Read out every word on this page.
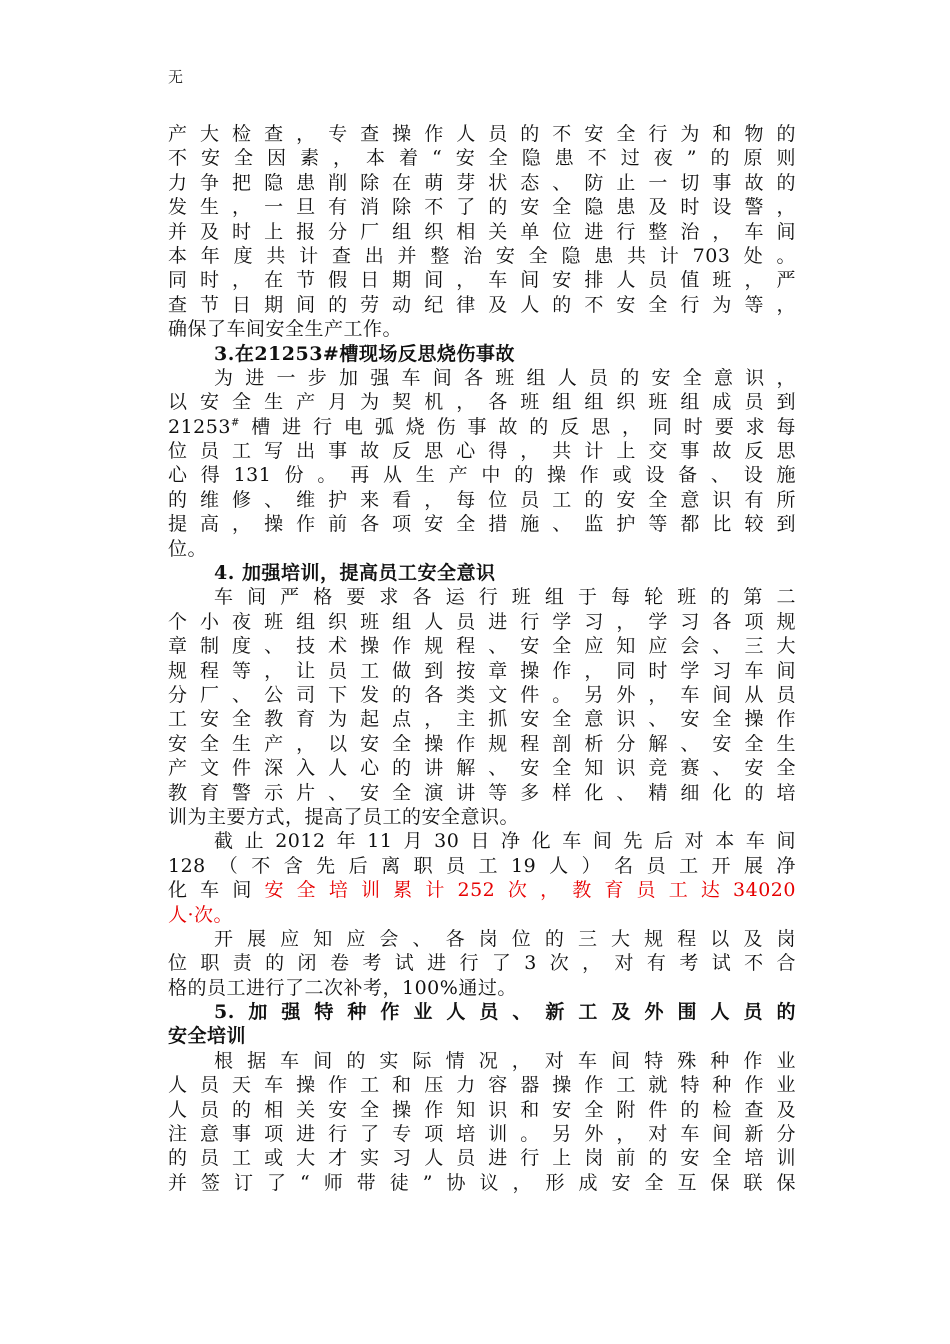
无
产大检查，专查操作人员的不安全行为和物的
不安全因素，本着“安全隐患不过夜”的原则
力争把隐患削除在萌芽状态、防止一切事故的
发生，一旦有消除不了的安全隐患及时设警，
并及时上报分厂组织相关单位进行整治，车间
本年度共计查出并整治安全隐患共计703处。
同时，在节假日期间，车间安排人员值班，严
查节日期间的劳动纪律及人的不安全行为等，
确保了车间安全生产工作。
3.在21253#槽现场反思烧伤事故
为进一步加强车间各班组人员的安全意识，
以安全生产月为契机，各班组组织班组成员到
21253#槽进行电弧烧伤事故的反思，同时要求每
位员工写出事故反思心得，共计上交事故反思
心得131份。再从生产中的操作或设备、设施
的维修、维护来看，每位员工的安全意识有所
提高，操作前各项安全措施、监护等都比较到
位。
4. 加强培训，提高员工安全意识
车间严格要求各运行班组于每轮班的第二
个小夜班组织班组人员进行学习，学习各项规
章制度、技术操作规程、安全应知应会、三大
规程等，让员工做到按章操作，同时学习车间
分厂、公司下发的各类文件。另外，车间从员
工安全教育为起点，主抓安全意识、安全操作
安全生产，以安全操作规程剖析分解、安全生
产文件深入人心的讲解、安全知识竞赛、安全
教育警示片、安全演讲等多样化、精细化的培
训为主要方式，提高了员工的安全意识。
截止2012年11月30日净化车间先后对本车间
128（不含先后离职员工19人）名员工开展净
化车间安全培训累计252次，教育员工达34020
人·次。
开展应知应会、各岗位的三大规程以及岗
位职责的闭卷考试进行了3次，对有考试不合
格的员工进行了二次补考，100%通过。
5.加强特种作业人员、新工及外围人员的
安全培训
根据车间的实际情况，对车间特殊种作业
人员天车操作工和压力容器操作工就特种作业
人员的相关安全操作知识和安全附件的检查及
注意事项进行了专项培训。另外，对车间新分
的员工或大才实习人员进行上岗前的安全培训
并签订了“师带徒”协议，形成安全互保联保
